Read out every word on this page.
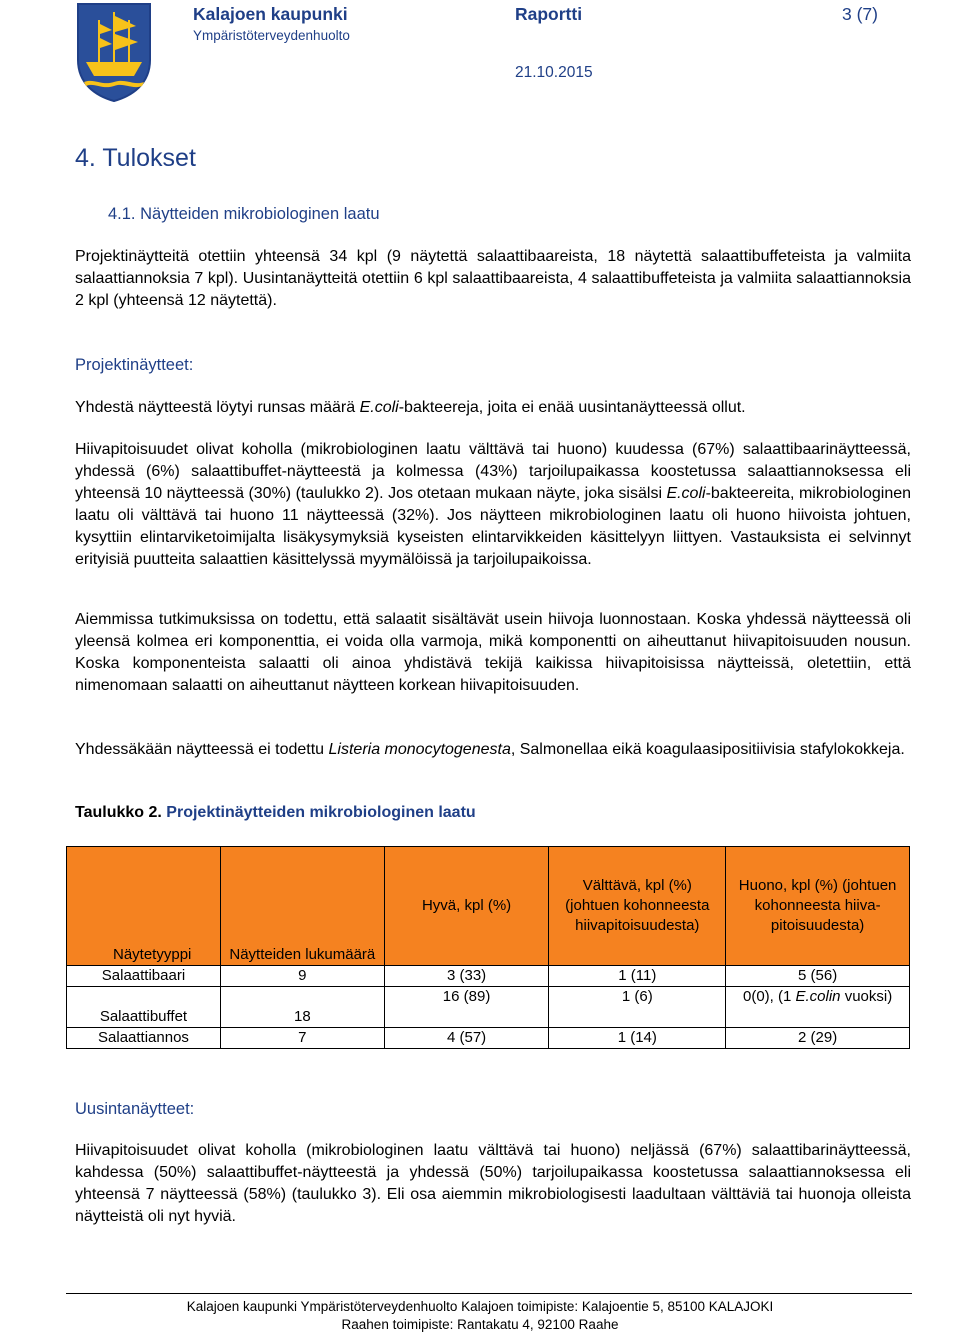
Kalajoen kaupunki
Ympäristöterveydenhuolto
Raportti	3 (7)
21.10.2015
4. Tulokset
4.1. Näytteiden mikrobiologinen laatu

Projektinäytteitä otettiin yhteensä 34 kpl (9 näytettä salaattibaareista, 18 näytettä salaattibuffeteista ja valmiita salaattiannoksia 7 kpl). Uusintanäytteitä otettiin 6 kpl salaattibaareista, 4 salaattibuffeteista ja valmiita salaattiannoksia 2 kpl (yhteensä 12 näytettä).

Projektinäytteet:

Yhdestä näytteestä löytyi runsas määrä E.coli-bakteereja, joita ei enää uusintanäytteessä ollut.

Hiivapitoisuudet olivat koholla (mikrobiologinen laatu välttävä tai huono) kuudessa (67%) salaattibaarinäytteessä, yhdessä (6%) salaattibuffet-näytteestä ja kolmessa (43%) tarjoilupaikassa koostetussa salaattiannoksessa eli yhteensä 10 näytteessä (30%) (taulukko 2). Jos otetaan mukaan näyte, joka sisälsi E.coli-bakteereita, mikrobiologinen laatu oli välttävä tai huono 11 näytteessä (32%). Jos näytteen mikrobiologinen laatu oli huono hiivoista johtuen, kysyttiin elintarviketoimijalta lisäkysymyksiä kyseisten elintarvikkeiden käsittelyyn liittyen. Vastauksista ei selvinnyt erityisiä puutteita salaattien käsittelyssä myymälöissä ja tarjoilupaikoissa.

Aiemmissa tutkimuksissa on todettu, että salaatit sisältävät usein hiivoja luonnostaan. Koska yhdessä näytteessä oli yleensä kolmea eri komponenttia, ei voida olla varmoja, mikä komponentti on aiheuttanut hiivapitoisuuden nousun. Koska komponenteista salaatti oli ainoa yhdistävä tekijä kaikissa hiivapitoisissa näytteissä, oletettiin, että nimenomaan salaatti on aiheuttanut näytteen korkean hiivapitoisuuden.

Yhdessäkään näytteessä ei todettu Listeria monocytogenesta, Salmonellaa eikä koagulaasipositiivisia stafylokokkeja.

Taulukko 2. Projektinäytteiden mikrobiologinen laatu
Näytetyyppi	Näytteiden lukumäärä	Hyvä, kpl (%)	Välttävä, kpl (%) (johtuen kohonneesta hiivapitoisuudesta)	Huono, kpl (%) (johtuen kohonneesta hiiva-pitoisuudesta)
Salaattibaari	9	3 (33)	1 (11)	5 (56)
Salaattibuffet	18	16 (89)	1 (6)	0(0), (1 E.colin vuoksi)
Salaattiannos	7	4 (57)	1 (14)	2 (29)
Uusintanäytteet:

Hiivapitoisuudet olivat koholla (mikrobiologinen laatu välttävä tai huono) neljässä (67%) salaattibarinäytteessä, kahdessa (50%) salaattibuffet-näytteestä ja yhdessä (50%) tarjoilupaikassa koostetussa salaattiannoksessa eli yhteensä 7 näytteessä (58%) (taulukko 3). Eli osa aiemmin mikrobiologisesti laadultaan välttäviä tai huonoja olleista näytteistä oli nyt hyviä.

Kalajoen kaupunki Ympäristöterveydenhuolto Kalajoen toimipiste: Kalajoentie 5, 85100 KALAJOKI
Raahen toimipiste: Rantakatu 4, 92100 Raahe
